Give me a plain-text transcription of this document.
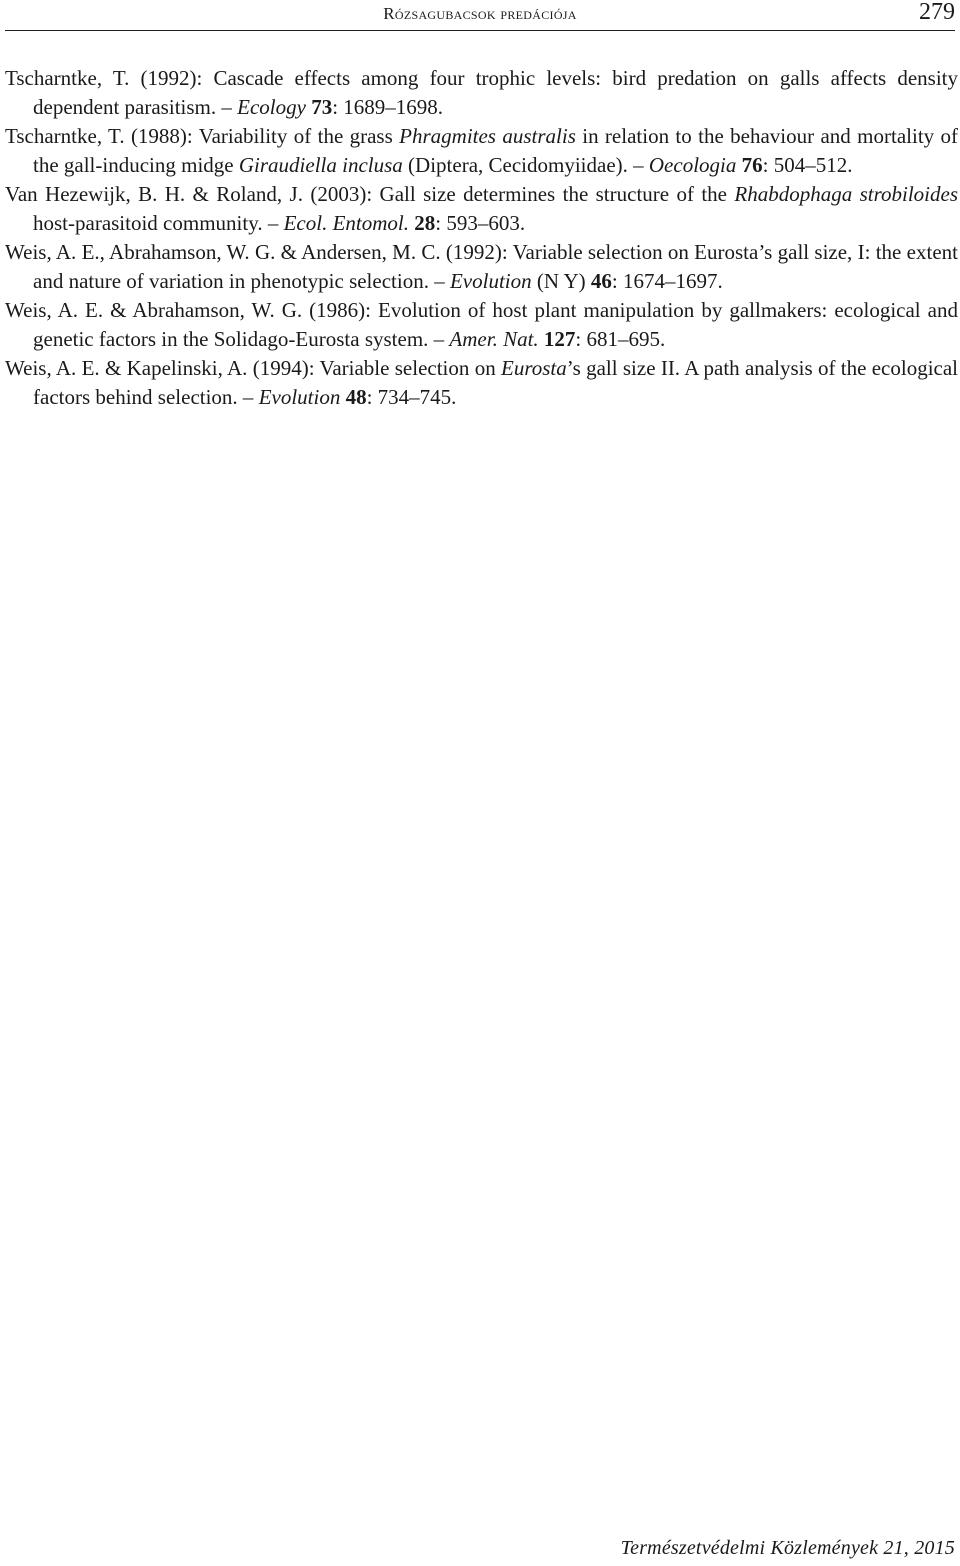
Rózsagubacsok predációja	279
Tscharntke, T. (1992): Cascade effects among four trophic levels: bird predation on galls affects density dependent parasitism. – Ecology 73: 1689–1698.
Tscharntke, T. (1988): Variability of the grass Phragmites australis in relation to the behaviour and mortality of the gall-inducing midge Giraudiella inclusa (Diptera, Cecidomyiidae). – Oecologia 76: 504–512.
Van Hezewijk, B. H. & Roland, J. (2003): Gall size determines the structure of the Rhabdophaga strobiloides host-parasitoid community. – Ecol. Entomol. 28: 593–603.
Weis, A. E., Abrahamson, W. G. & Andersen, M. C. (1992): Variable selection on Eurosta’s gall size, I: the extent and nature of variation in phenotypic selection. – Evolution (N Y) 46: 1674–1697.
Weis, A. E. & Abrahamson, W. G. (1986): Evolution of host plant manipulation by gallmakers: ecological and genetic factors in the Solidago-Eurosta system. – Amer. Nat. 127: 681–695.
Weis, A. E. & Kapelinski, A. (1994): Variable selection on Eurosta’s gall size II. A path analysis of the ecological factors behind selection. – Evolution 48: 734–745.
Természetvédelmi Közlemények 21, 2015
